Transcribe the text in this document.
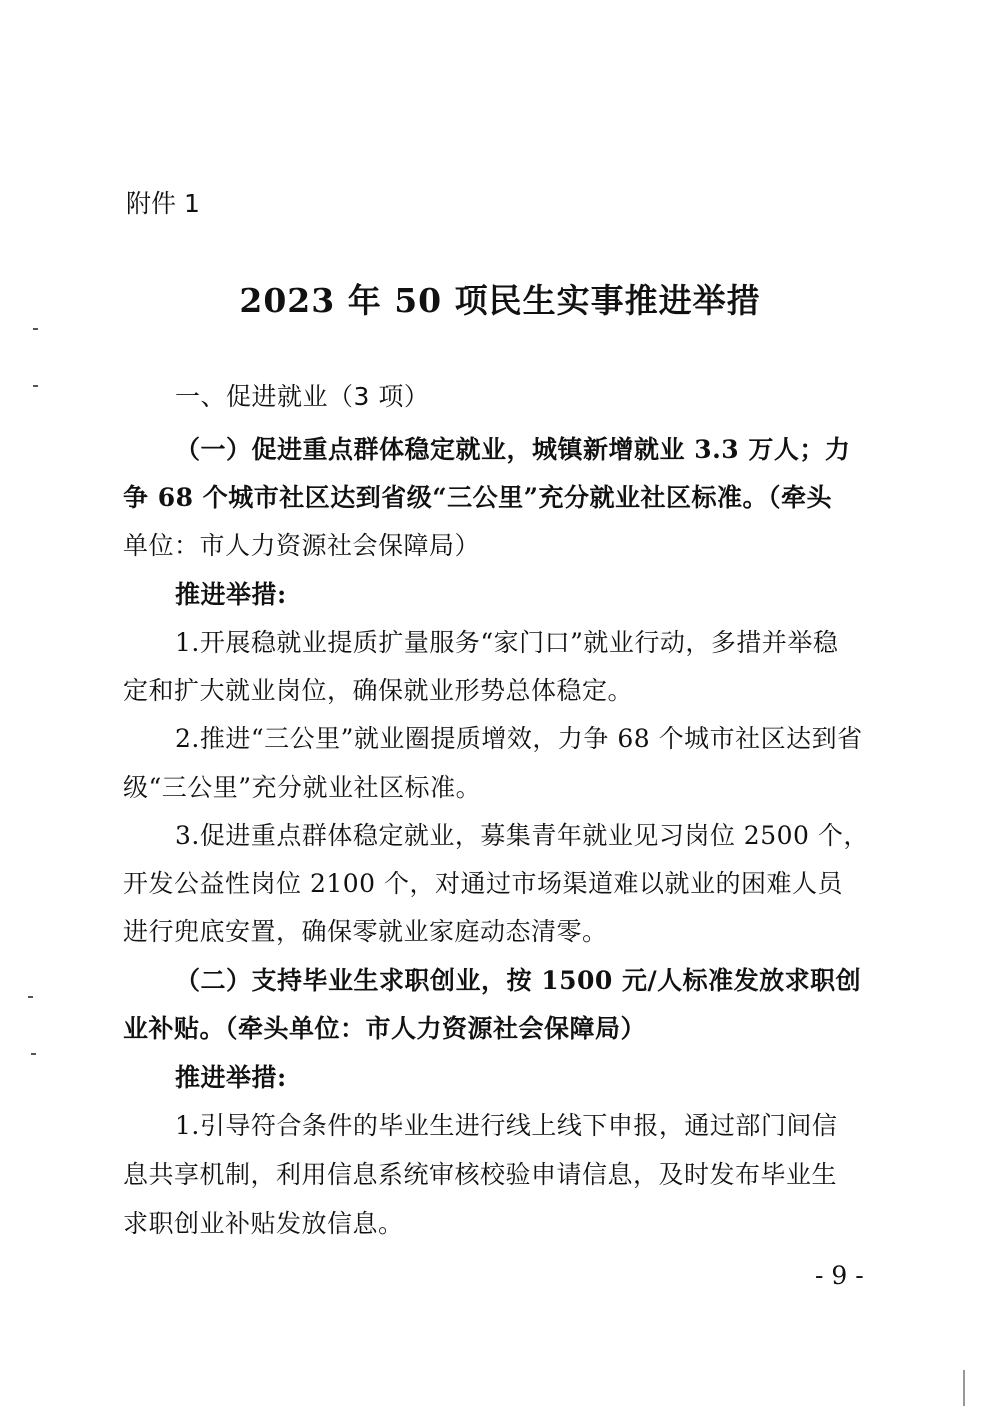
附件 1
2023 年 50 项民生实事推进举措
一、促进就业（3 项）
（一）促进重点群体稳定就业，城镇新增就业 3.3 万人；力
争 68 个城市社区达到省级“三公里”充分就业社区标准。（牵头
单位：市人力资源社会保障局）
推进举措:
1.开展稳就业提质扩量服务“家门口”就业行动，多措并举稳
定和扩大就业岗位，确保就业形势总体稳定。
2.推进“三公里”就业圈提质增效，力争 68 个城市社区达到省
级“三公里”充分就业社区标准。
3.促进重点群体稳定就业，募集青年就业见习岗位 2500 个，
开发公益性岗位 2100 个，对通过市场渠道难以就业的困难人员
进行兜底安置，确保零就业家庭动态清零。
（二）支持毕业生求职创业，按 1500 元/人标准发放求职创
业补贴。（牵头单位：市人力资源社会保障局）
推进举措:
1.引导符合条件的毕业生进行线上线下申报，通过部门间信
息共享机制，利用信息系统审核校验申请信息，及时发布毕业生
求职创业补贴发放信息。
- 9 -
